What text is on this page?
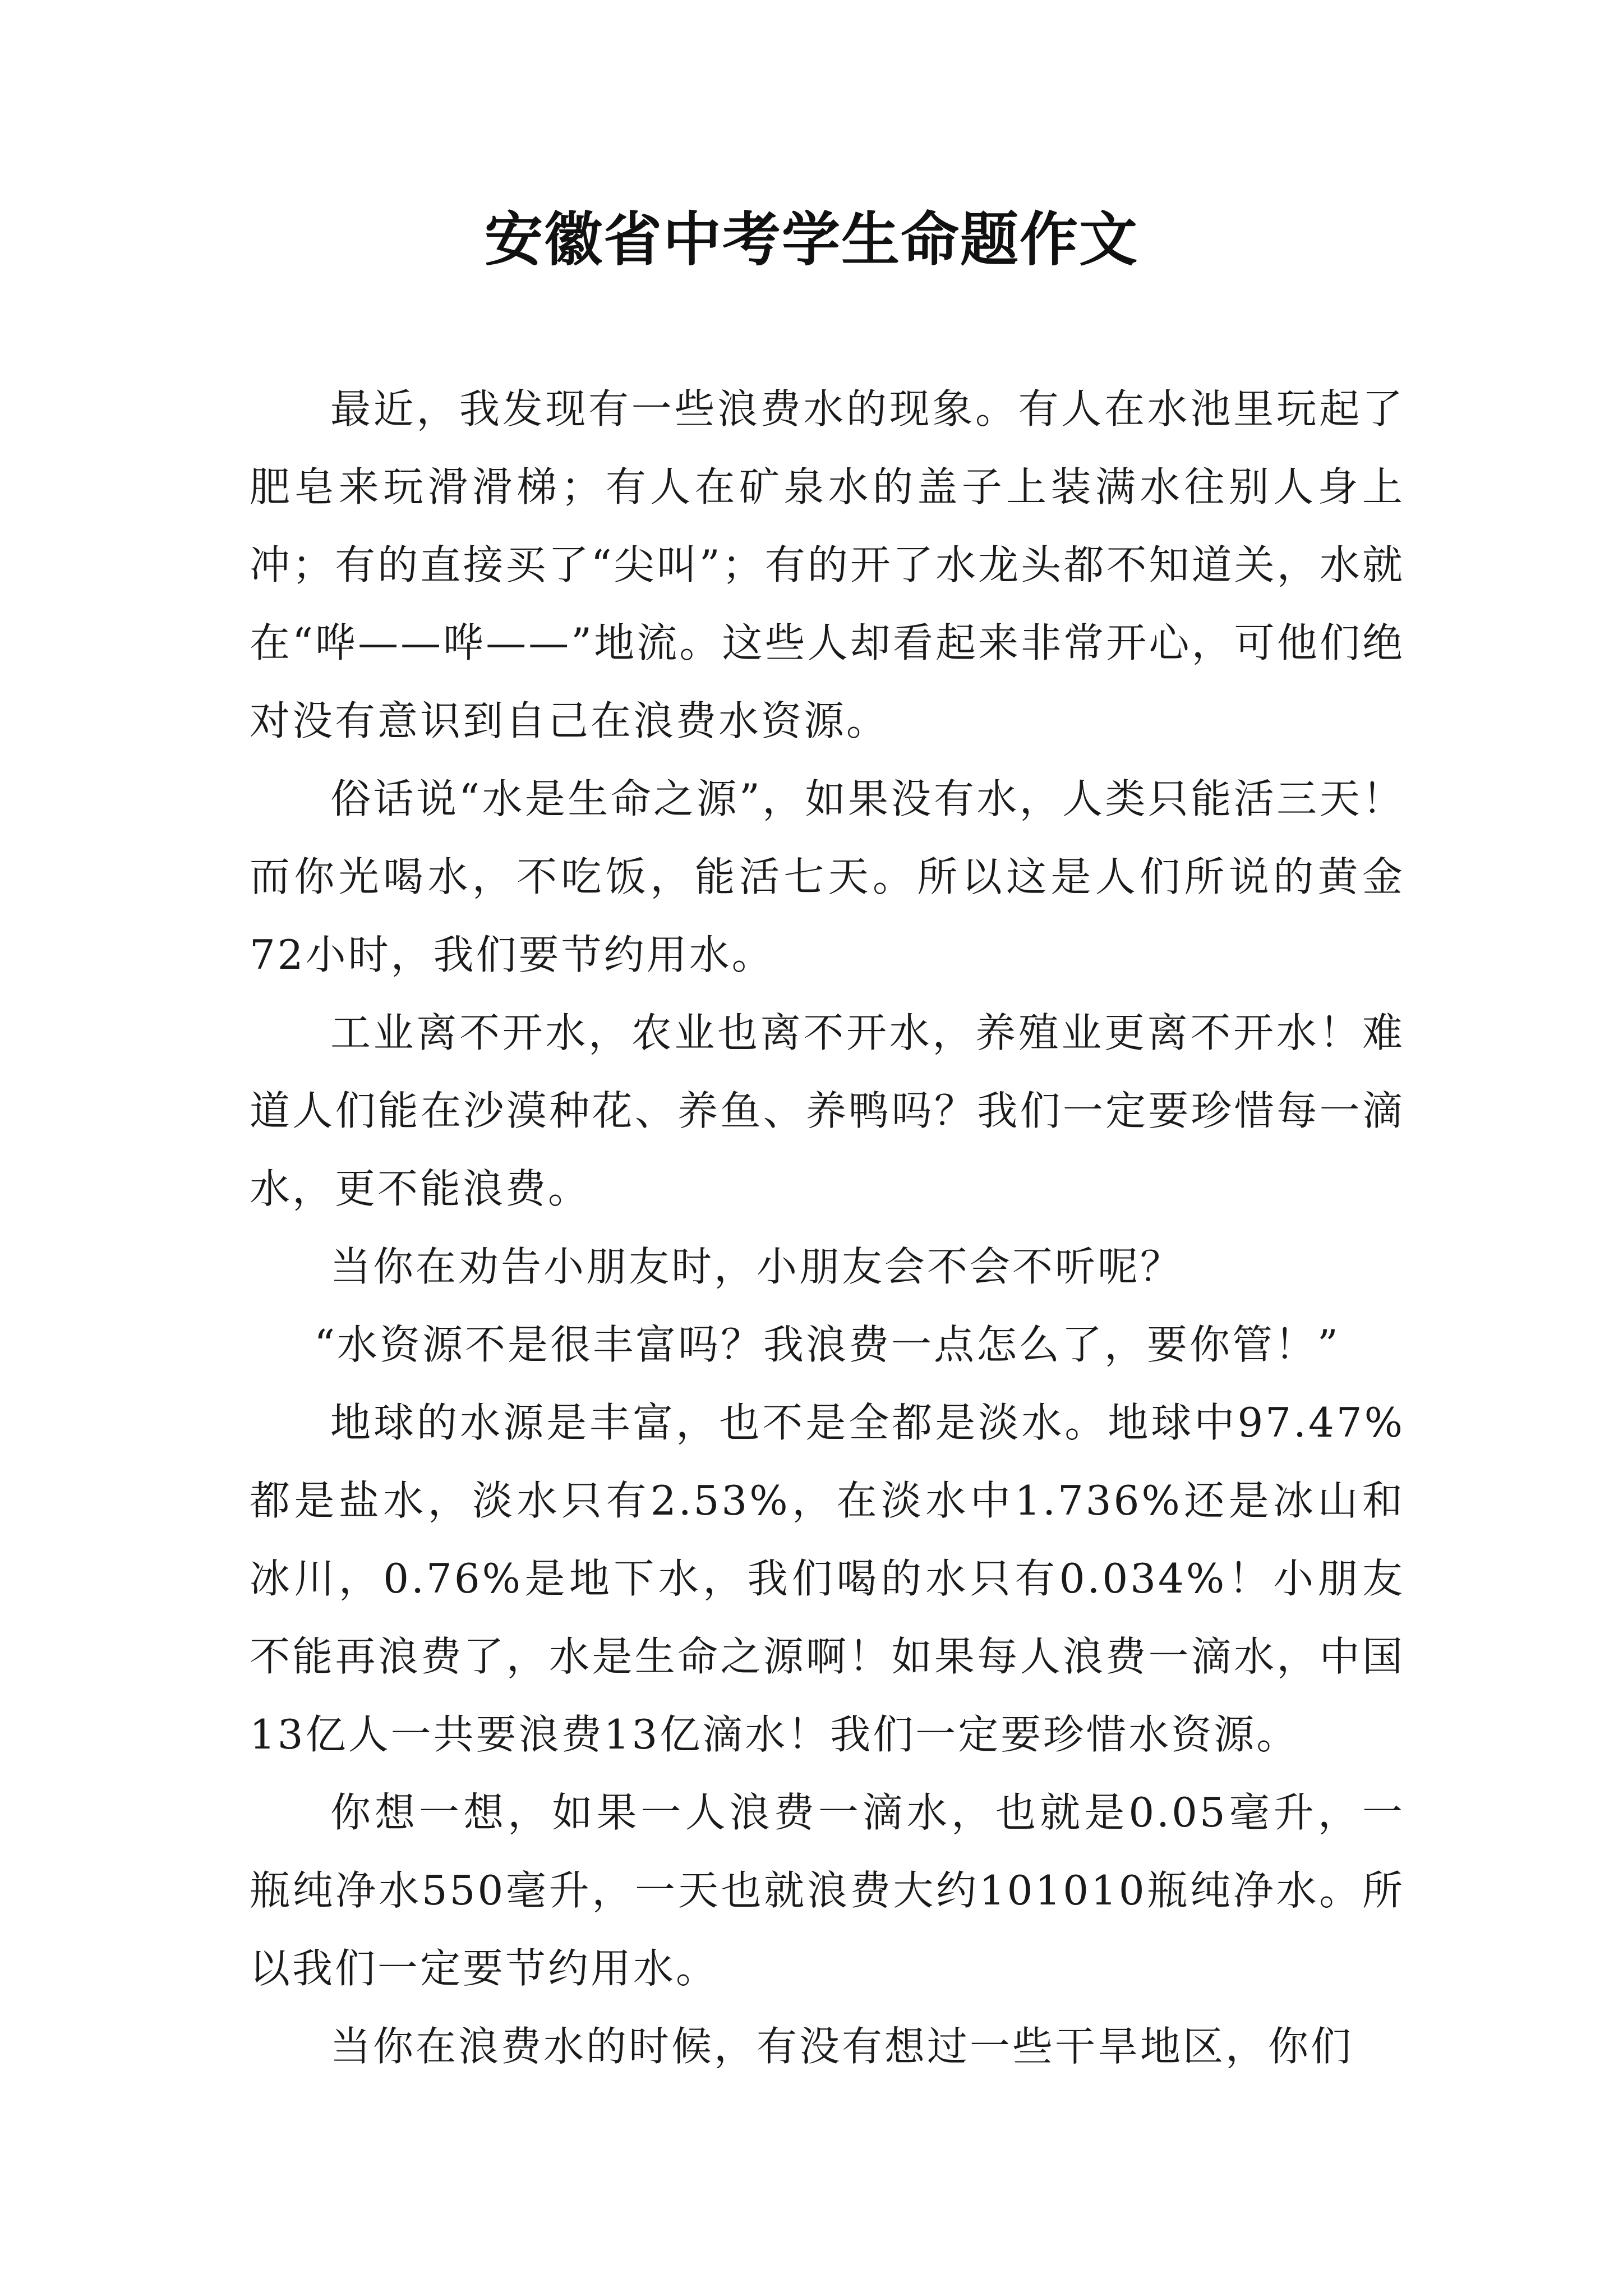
安徽省中考学生命题作文

最近，我发现有一些浪费水的现象。有人在水池里玩起了肥皂来玩滑滑梯；有人在矿泉水的盖子上装满水往别人身上冲；有的直接买了“尖叫”；有的开了水龙头都不知道关，水就在“哗——哗——”地流。这些人却看起来非常开心，可他们绝对没有意识到自己在浪费水资源。

俗话说“水是生命之源”，如果没有水，人类只能活三天！而你光喝水，不吃饭，能活七天。所以这是人们所说的黄金72小时，我们要节约用水。

工业离不开水，农业也离不开水，养殖业更离不开水！难道人们能在沙漠种花、养鱼、养鸭吗？我们一定要珍惜每一滴水，更不能浪费。

当你在劝告小朋友时，小朋友会不会不听呢？

“水资源不是很丰富吗？我浪费一点怎么了，要你管！”

地球的水源是丰富，也不是全都是淡水。地球中97.47%都是盐水，淡水只有2.53%，在淡水中1.736%还是冰山和冰川，0.76%是地下水，我们喝的水只有0.034%！小朋友不能再浪费了，水是生命之源啊！如果每人浪费一滴水，中国13亿人一共要浪费13亿滴水！我们一定要珍惜水资源。

你想一想，如果一人浪费一滴水，也就是0.05毫升，一瓶纯净水550毫升，一天也就浪费大约101010瓶纯净水。所以我们一定要节约用水。

当你在浪费水的时候，有没有想过一些干旱地区，你们
